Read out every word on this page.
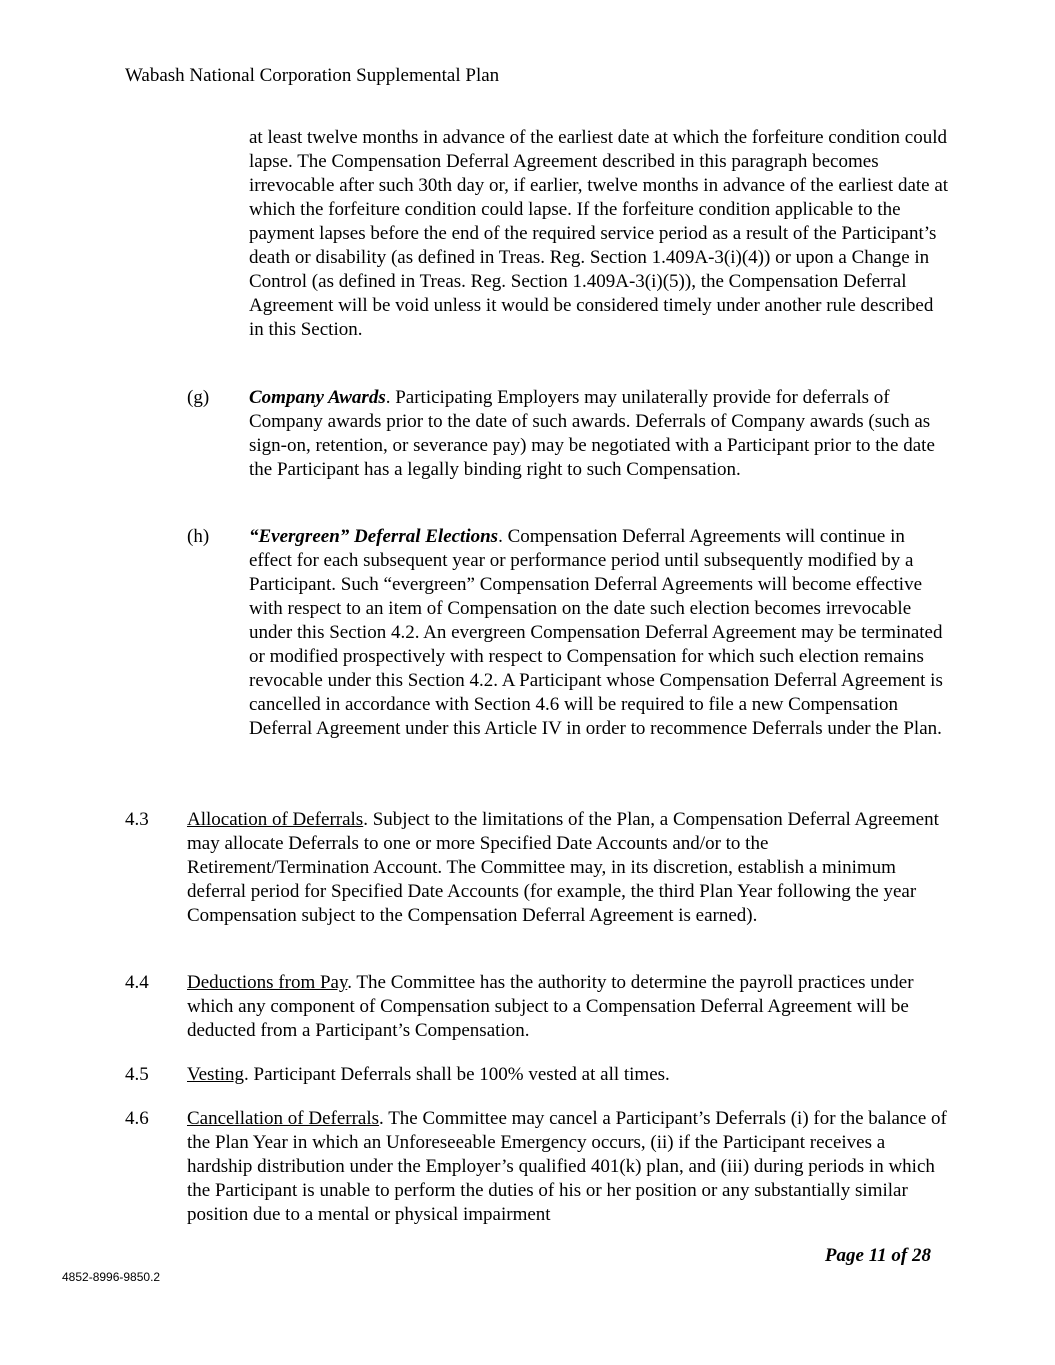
Wabash National Corporation Supplemental Plan

at least twelve months in advance of the earliest date at which the forfeiture condition could lapse. The Compensation Deferral Agreement described in this paragraph becomes irrevocable after such 30th day or, if earlier, twelve months in advance of the earliest date at which the forfeiture condition could lapse. If the forfeiture condition applicable to the payment lapses before the end of the required service period as a result of the Participant’s death or disability (as defined in Treas. Reg. Section 1.409A-3(i)(4)) or upon a Change in Control (as defined in Treas. Reg. Section 1.409A-3(i)(5)), the Compensation Deferral Agreement will be void unless it would be considered timely under another rule described in this Section.

(g) Company Awards. Participating Employers may unilaterally provide for deferrals of Company awards prior to the date of such awards. Deferrals of Company awards (such as sign-on, retention, or severance pay) may be negotiated with a Participant prior to the date the Participant has a legally binding right to such Compensation.
(h) “Evergreen” Deferral Elections. Compensation Deferral Agreements will continue in effect for each subsequent year or performance period until subsequently modified by a Participant. Such “evergreen” Compensation Deferral Agreements will become effective with respect to an item of Compensation on the date such election becomes irrevocable under this Section 4.2. An evergreen Compensation Deferral Agreement may be terminated or modified prospectively with respect to Compensation for which such election remains revocable under this Section 4.2. A Participant whose Compensation Deferral Agreement is cancelled in accordance with Section 4.6 will be required to file a new Compensation Deferral Agreement under this Article IV in order to recommence Deferrals under the Plan.
4.3 Allocation of Deferrals. Subject to the limitations of the Plan, a Compensation Deferral Agreement may allocate Deferrals to one or more Specified Date Accounts and/or to the Retirement/Termination Account. The Committee may, in its discretion, establish a minimum deferral period for Specified Date Accounts (for example, the third Plan Year following the year Compensation subject to the Compensation Deferral Agreement is earned).
4.4 Deductions from Pay. The Committee has the authority to determine the payroll practices under which any component of Compensation subject to a Compensation Deferral Agreement will be deducted from a Participant’s Compensation.
4.5 Vesting. Participant Deferrals shall be 100% vested at all times.
4.6 Cancellation of Deferrals. The Committee may cancel a Participant’s Deferrals (i) for the balance of the Plan Year in which an Unforeseeable Emergency occurs, (ii) if the Participant receives a hardship distribution under the Employer’s qualified 401(k) plan, and (iii) during periods in which the Participant is unable to perform the duties of his or her position or any substantially similar position due to a mental or physical impairment
Page 11 of 28
4852-8996-9850.2
